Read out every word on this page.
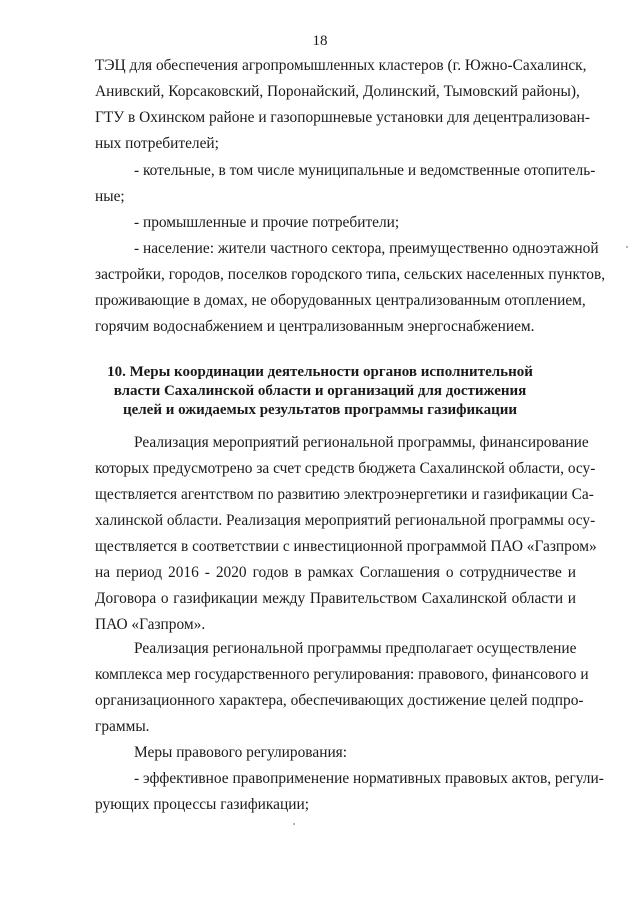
18
ТЭЦ для обеспечения агропромышленных кластеров (г. Южно-Сахалинск,
Анивский, Корсаковский, Поронайский, Долинский, Тымовский районы),
ГТУ в Охинском районе и газопоршневые установки для децентрализован-
ных потребителей;
- котельные, в том числе муниципальные и ведомственные отопитель-
ные;
- промышленные и прочие потребители;
- население: жители частного сектора, преимущественно одноэтажной
застройки, городов, поселков городского типа, сельских населенных пунктов,
проживающие в домах, не оборудованных централизованным отоплением,
горячим водоснабжением и централизованным энергоснабжением.
10. Меры координации деятельности органов исполнительной
власти Сахалинской области и организаций для достижения
целей и ожидаемых результатов программы газификации
Реализация мероприятий региональной программы, финансирование
которых предусмотрено за счет средств бюджета Сахалинской области, осу-
ществляется агентством по развитию электроэнергетики и газификации Са-
халинской области. Реализация мероприятий региональной программы осу-
ществляется в соответствии с инвестиционной программой ПАО «Газпром»
на период 2016 - 2020 годов в рамках Соглашения о сотрудничестве и
Договора о газификации между Правительством Сахалинской области и
ПАО «Газпром».
Реализация региональной программы предполагает осуществление
комплекса мер государственного регулирования: правового, финансового и
организационного характера, обеспечивающих достижение целей подпро-
граммы.
Меры правового регулирования:
- эффективное правоприменение нормативных правовых актов, регули-
рующих процессы газификации;
